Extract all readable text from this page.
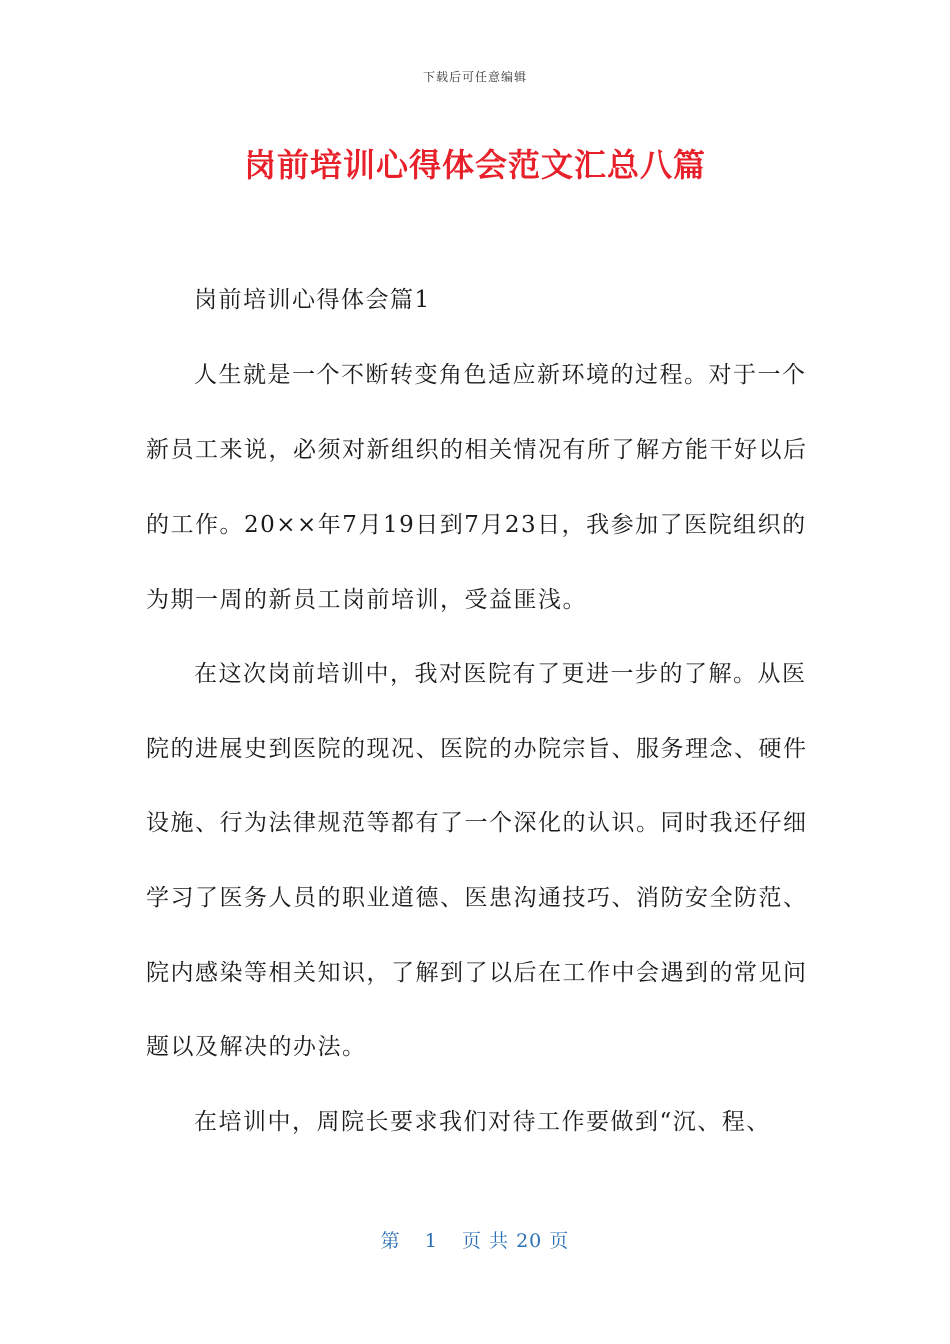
下载后可任意编辑
岗前培训心得体会范文汇总八篇
岗前培训心得体会篇1
人生就是一个不断转变角色适应新环境的过程。对于一个
新员工来说，必须对新组织的相关情况有所了解方能干好以后
的工作。20××年7月19日到7月23日，我参加了医院组织的
为期一周的新员工岗前培训，受益匪浅。
在这次岗前培训中，我对医院有了更进一步的了解。从医
院的进展史到医院的现况、医院的办院宗旨、服务理念、硬件
设施、行为法律规范等都有了一个深化的认识。同时我还仔细
学习了医务人员的职业道德、医患沟通技巧、消防安全防范、
院内感染等相关知识，了解到了以后在工作中会遇到的常见问
题以及解决的办法。
在培训中，周院长要求我们对待工作要做到“沉、程、
第 1 页 共 20 页
